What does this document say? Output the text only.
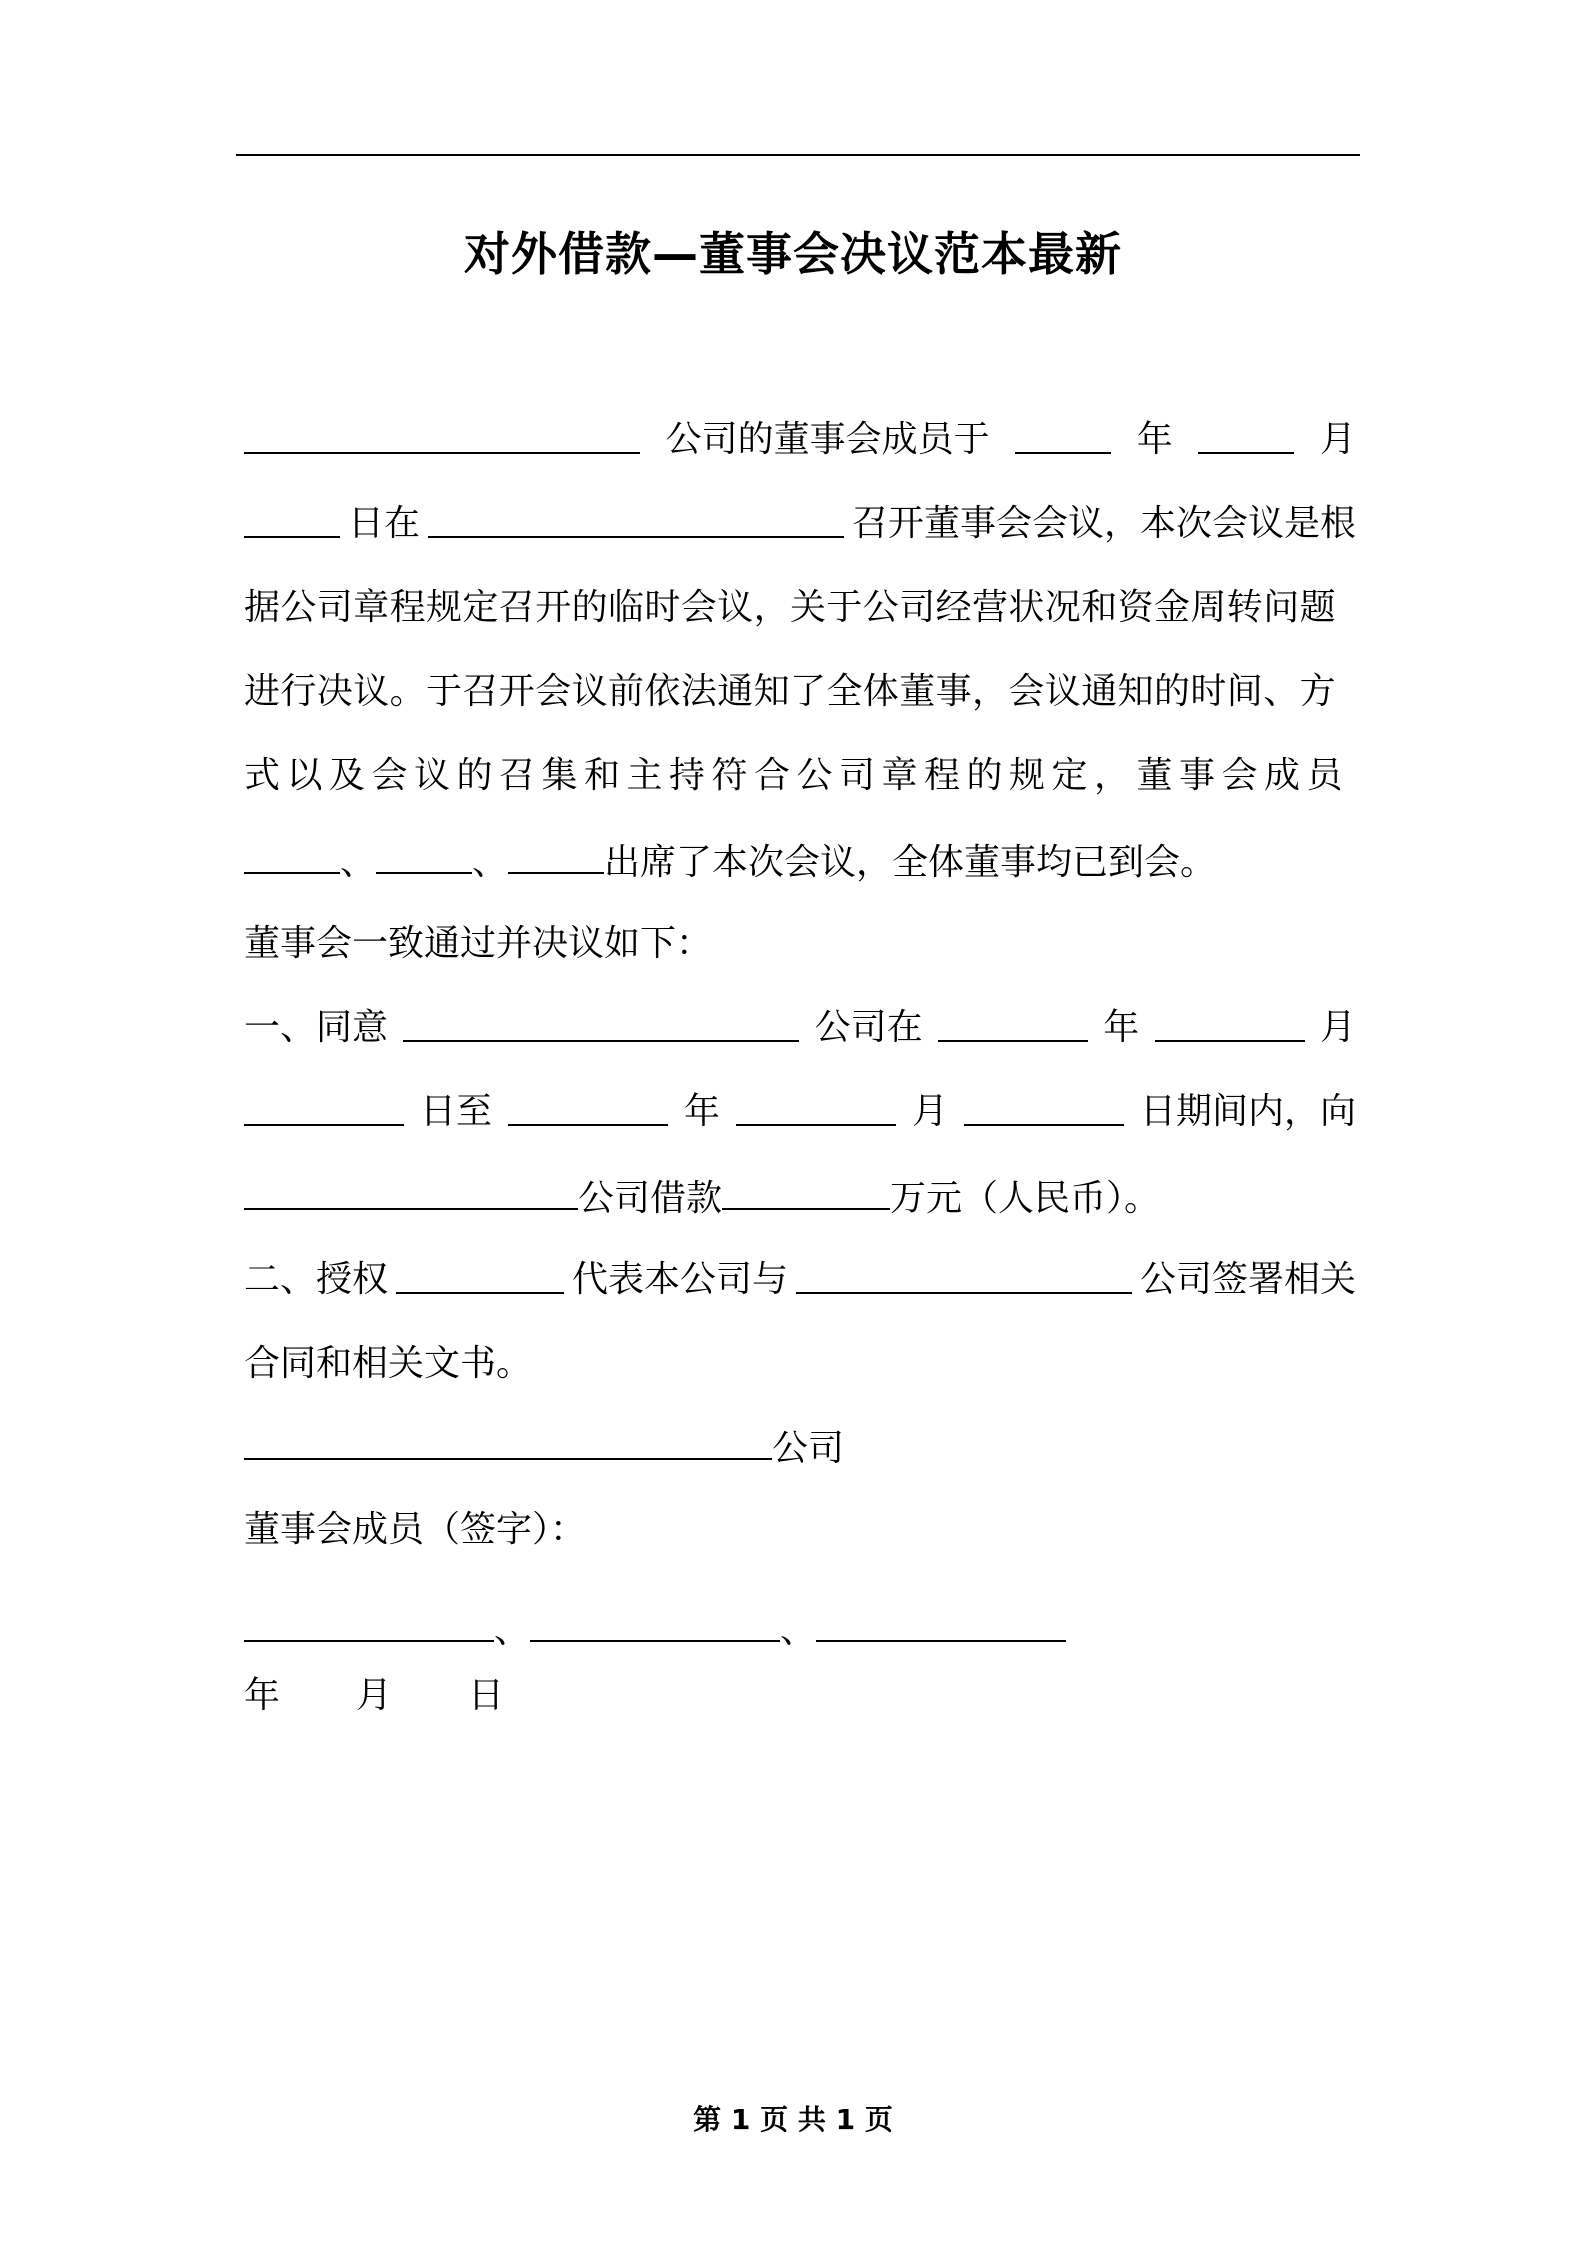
对外借款—董事会决议范本最新
公司的董事会成员于	年	月
日在	召开董事会会议，本次会议是根
据公司章程规定召开的临时会议，关于公司经营状况和资金周转问题
进行决议。于召开会议前依法通知了全体董事，会议通知的时间、方
式以及会议的召集和主持符合公司章程的规定，董事会成员
、	、	出席了本次会议，全体董事均已到会。
董事会一致通过并决议如下：
一、同意	公司在	年	月
日至	年	月	日期间内，向
公司借款	万元（人民币）。
二、授权	代表本公司与	公司签署相关
合同和相关文书。
公司
董事会成员（签字）：
、	、
年 月 日
第 1 页 共 1 页
